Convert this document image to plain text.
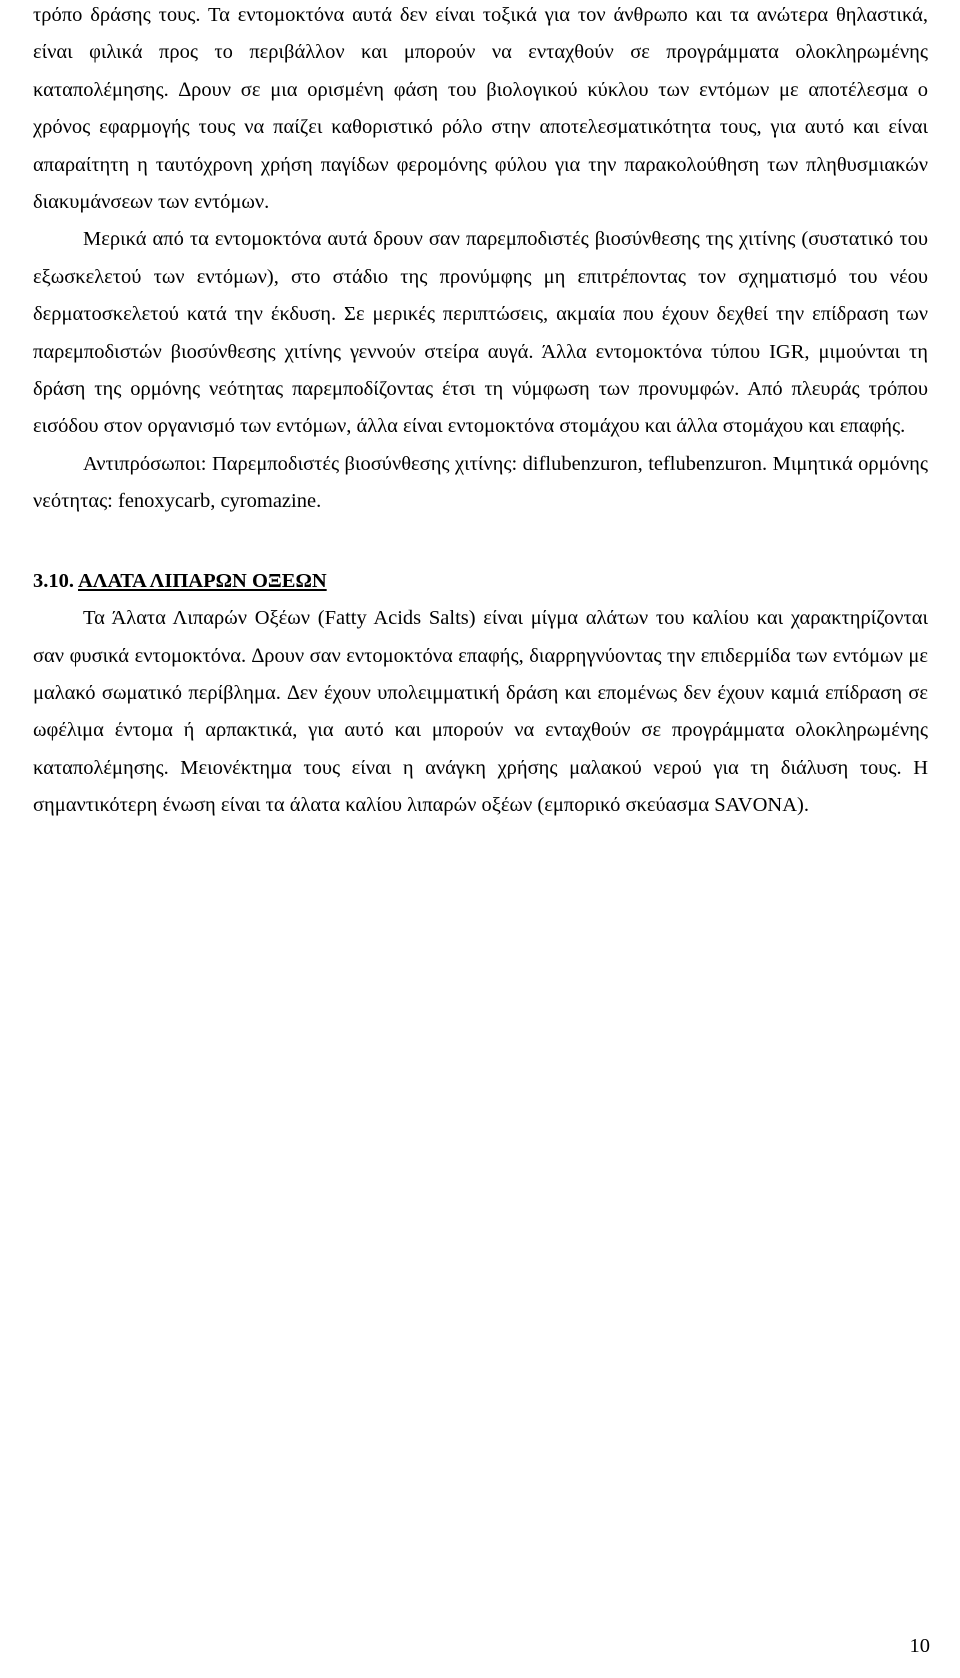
τρόπο δράσης τους. Τα εντομοκτόνα αυτά δεν είναι τοξικά για τον άνθρωπο και τα ανώτερα θηλαστικά, είναι φιλικά προς το περιβάλλον και μπορούν να ενταχθούν σε προγράμματα ολοκληρωμένης καταπολέμησης. ∆ρουν σε μια ορισμένη φάση του βιολογικού κύκλου των εντόμων με αποτέλεσμα ο χρόνος εφαρμογής τους να παίζει καθοριστικό ρόλο στην αποτελεσματικότητα τους, για αυτό και είναι απαραίτητη η ταυτόχρονη χρήση παγίδων φερομόνης φύλου για την παρακολούθηση των πληθυσμιακών διακυμάνσεων των εντόμων.

Μερικά από τα εντομοκτόνα αυτά δρουν σαν παρεμποδιστές βιοσύνθεσης της χιτίνης (συστατικό του εξωσκελετού των εντόμων), στο στάδιο της προνύμφης μη επιτρέποντας τον σχηματισμό του νέου δερματοσκελετού κατά την έκδυση. Σε μερικές περιπτώσεις, ακμαία που έχουν δεχθεί την επίδραση των παρεμποδιστών βιοσύνθεσης χιτίνης γεννούν στείρα αυγά. Άλλα εντομοκτόνα τύπου IGR, μιμούνται τη δράση της ορμόνης νεότητας παρεμποδίζοντας έτσι τη νύμφωση των προνυμφών. Από πλευράς τρόπου εισόδου στον οργανισμό των εντόμων, άλλα είναι εντομοκτόνα στομάχου και άλλα στομάχου και επαφής.

Αντιπρόσωποι: Παρεμποδιστές βιοσύνθεσης χιτίνης: diflubenzuron, teflubenzuron. Μιμητικά ορμόνης νεότητας: fenoxycarb, cyromazine.

3.10. ΑΛΑΤΑ ΛΙΠΑΡΩΝ ΟΞΕΩΝ

Τα Άλατα Λιπαρών Οξέων (Fatty Acids Salts) είναι μίγμα αλάτων του καλίου και χαρακτηρίζονται σαν φυσικά εντομοκτόνα. ∆ρουν σαν εντομοκτόνα επαφής, διαρρηγνύοντας την επιδερμίδα των εντόμων με μαλακό σωματικό περίβλημα. ∆εν έχουν υπολειμματική δράση και επομένως δεν έχουν καμιά επίδραση σε ωφέλιμα έντομα ή αρπακτικά, για αυτό και μπορούν να ενταχθούν σε προγράμματα ολοκληρωμένης καταπολέμησης. Μειονέκτημα τους είναι η ανάγκη χρήσης μαλακού νερού για τη διάλυση τους. Η σημαντικότερη ένωση είναι τα άλατα καλίου λιπαρών οξέων (εμπορικό σκεύασμα SAVONA).

10
